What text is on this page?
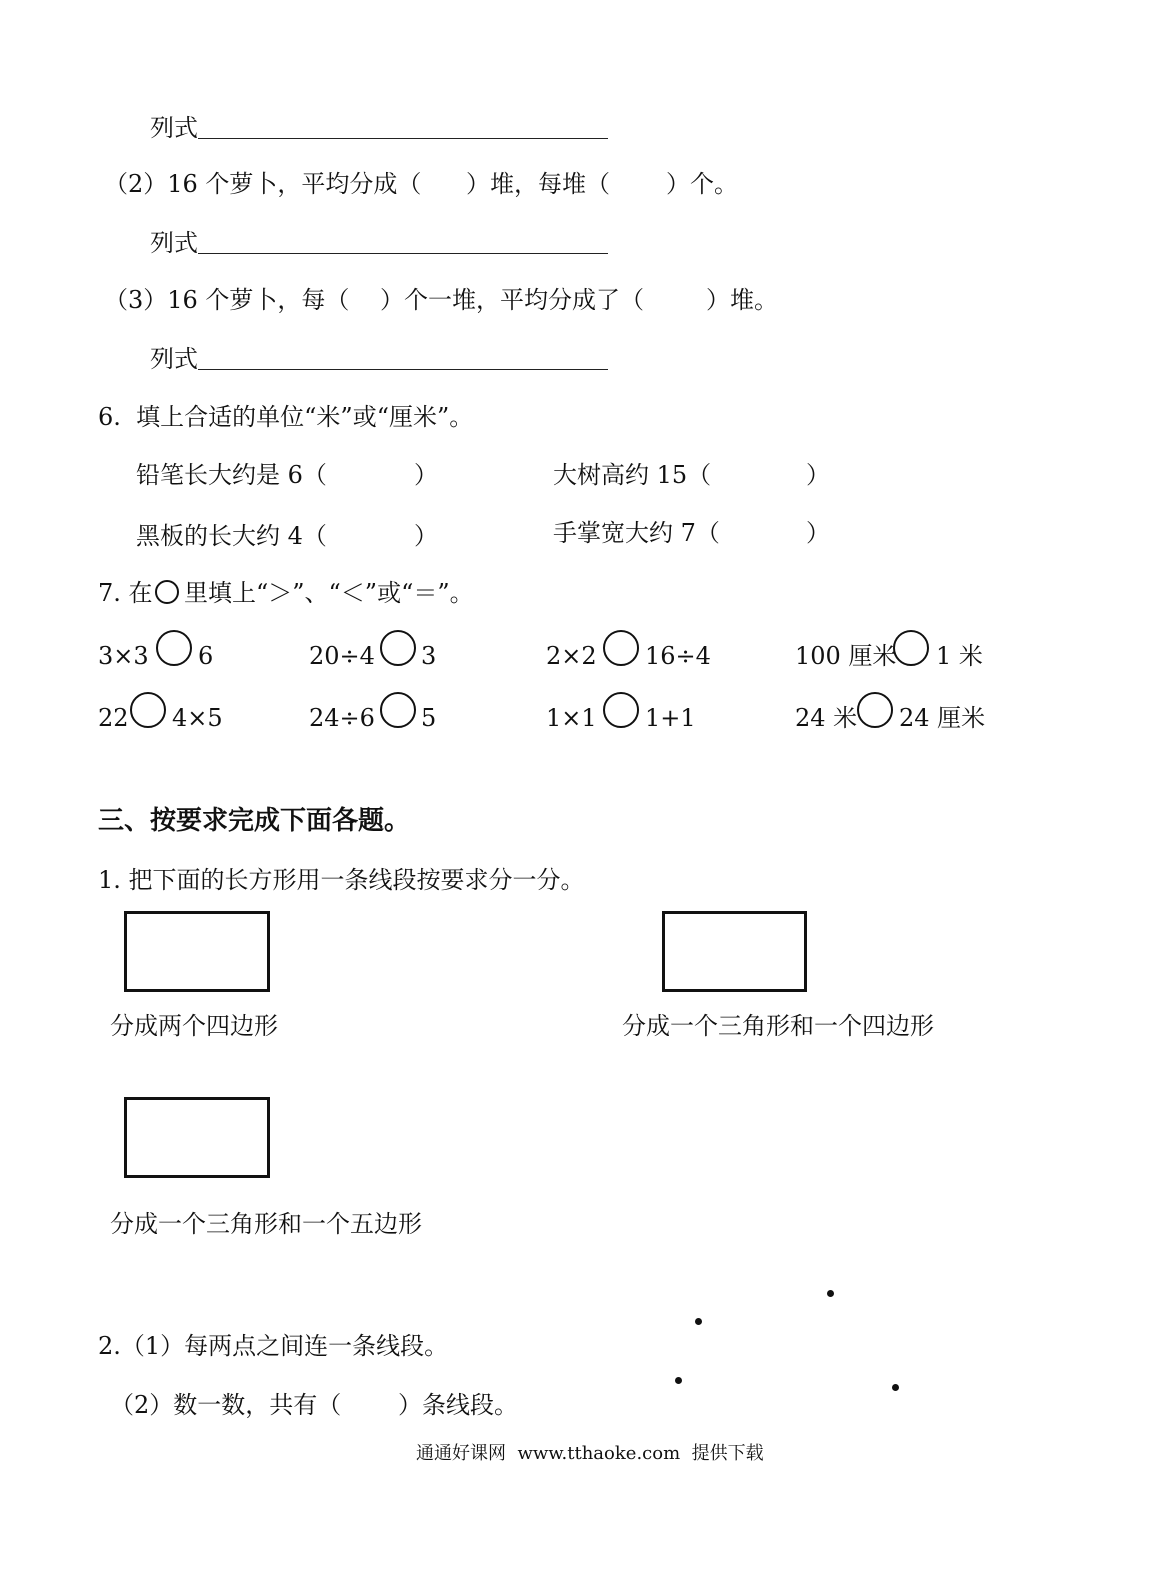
列式
（2）16 个萝卜，平均分成（ ）堆，每堆（ ）个。
列式
（3）16 个萝卜，每（ ）个一堆，平均分成了（	）堆。
列式
6.  填上合适的单位“米”或“厘米”。
铅笔长大约是 6（	）	大树高约 15（	）
黑板的长大约 4（	）	手掌宽大约 7（	）
7. 在 里填上“＞”、“＜”或“＝”。
3×3 6	20÷4 3	2×2 16÷4	100 厘米 1 米
22 4×5	24÷6 5	1×1 1+1	24 米 24 厘米
三、按要求完成下面各题。
1. 把下面的长方形用一条线段按要求分一分。
分成两个四边形	分成一个三角形和一个四边形
分成一个三角形和一个五边形
2.（1）每两点之间连一条线段。
（2）数一数，共有（ ）条线段。
通通好课网  www.tthaoke.com  提供下载
